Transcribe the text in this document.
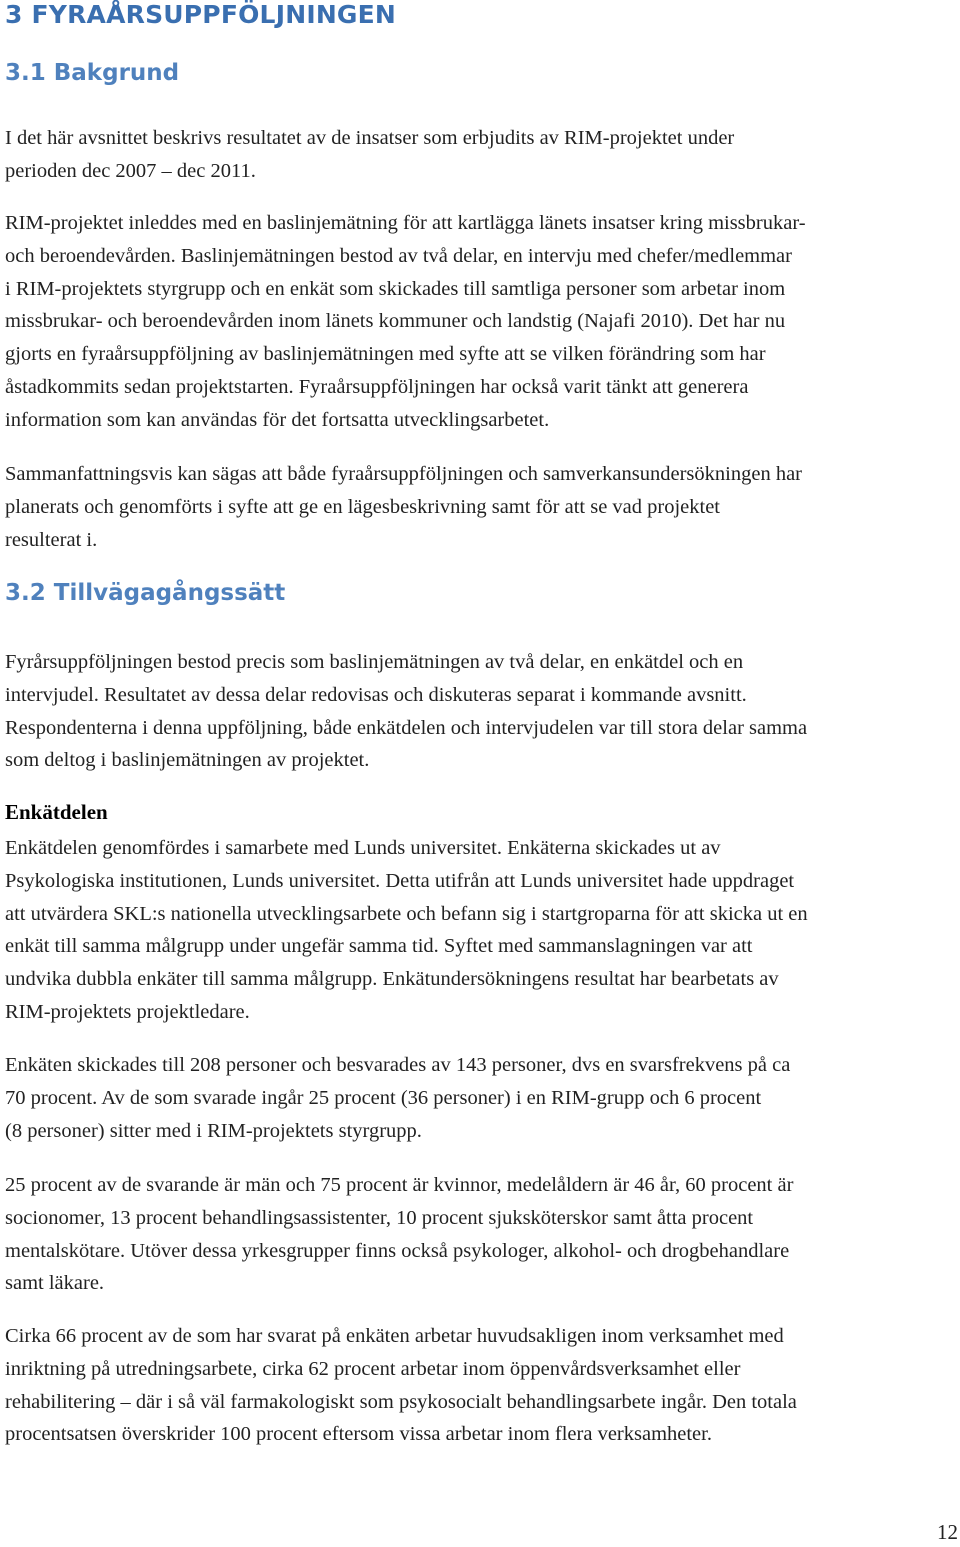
3 FYRAÅRSUPPFÖLJNINGEN
3.1 Bakgrund
I det här avsnittet beskrivs resultatet av de insatser som erbjudits av RIM-projektet under
perioden dec 2007 – dec 2011.
RIM-projektet inleddes med en baslinjemätning för att kartlägga länets insatser kring missbrukar-
och beroendevården. Baslinjemätningen bestod av två delar, en intervju med chefer/medlemmar
i RIM-projektets styrgrupp och en enkät som skickades till samtliga personer som arbetar inom
missbrukar- och beroendevården inom länets kommuner och landstig (Najafi 2010). Det har nu
gjorts en fyraårsuppföljning av baslinjemätningen med syfte att se vilken förändring som har
åstadkommits sedan projektstarten. Fyraårsuppföljningen har också varit tänkt att generera
information som kan användas för det fortsatta utvecklingsarbetet.
Sammanfattningsvis kan sägas att både fyraårsuppföljningen och samverkansundersökningen har
planerats och genomförts i syfte att ge en lägesbeskrivning samt för att se vad projektet
resulterat i.
3.2 Tillvägagångssätt
Fyrårsuppföljningen bestod precis som baslinjemätningen av två delar, en enkätdel och en
intervjudel. Resultatet av dessa delar redovisas och diskuteras separat i kommande avsnitt.
Respondenterna i denna uppföljning, både enkätdelen och intervjudelen var till stora delar samma
som deltog i baslinjemätningen av projektet.
Enkätdelen
Enkätdelen genomfördes i samarbete med Lunds universitet. Enkäterna skickades ut av
Psykologiska institutionen, Lunds universitet. Detta utifrån att Lunds universitet hade uppdraget
att utvärdera SKL:s nationella utvecklingsarbete och befann sig i startgroparna för att skicka ut en
enkät till samma målgrupp under ungefär samma tid. Syftet med sammanslagningen var att
undvika dubbla enkäter till samma målgrupp. Enkätundersökningens resultat har bearbetats av
RIM-projektets projektledare.
Enkäten skickades till 208 personer och besvarades av 143 personer, dvs en svarsfrekvens på ca
70 procent. Av de som svarade ingår 25 procent (36 personer) i en RIM-grupp och 6 procent
(8 personer) sitter med i RIM-projektets styrgrupp.
25 procent av de svarande är män och 75 procent är kvinnor, medelåldern är 46 år, 60 procent är
socionomer, 13 procent behandlingsassistenter, 10 procent sjuksköterskor samt åtta procent
mentalskötare. Utöver dessa yrkesgrupper finns också psykologer, alkohol- och drogbehandlare
samt läkare.
Cirka 66 procent av de som har svarat på enkäten arbetar huvudsakligen inom verksamhet med
inriktning på utredningsarbete, cirka 62 procent arbetar inom öppenvårdsverksamhet eller
rehabilitering – där i så väl farmakologiskt som psykosocialt behandlingsarbete ingår. Den totala
procentsatsen överskrider 100 procent eftersom vissa arbetar inom flera verksamheter.
12
